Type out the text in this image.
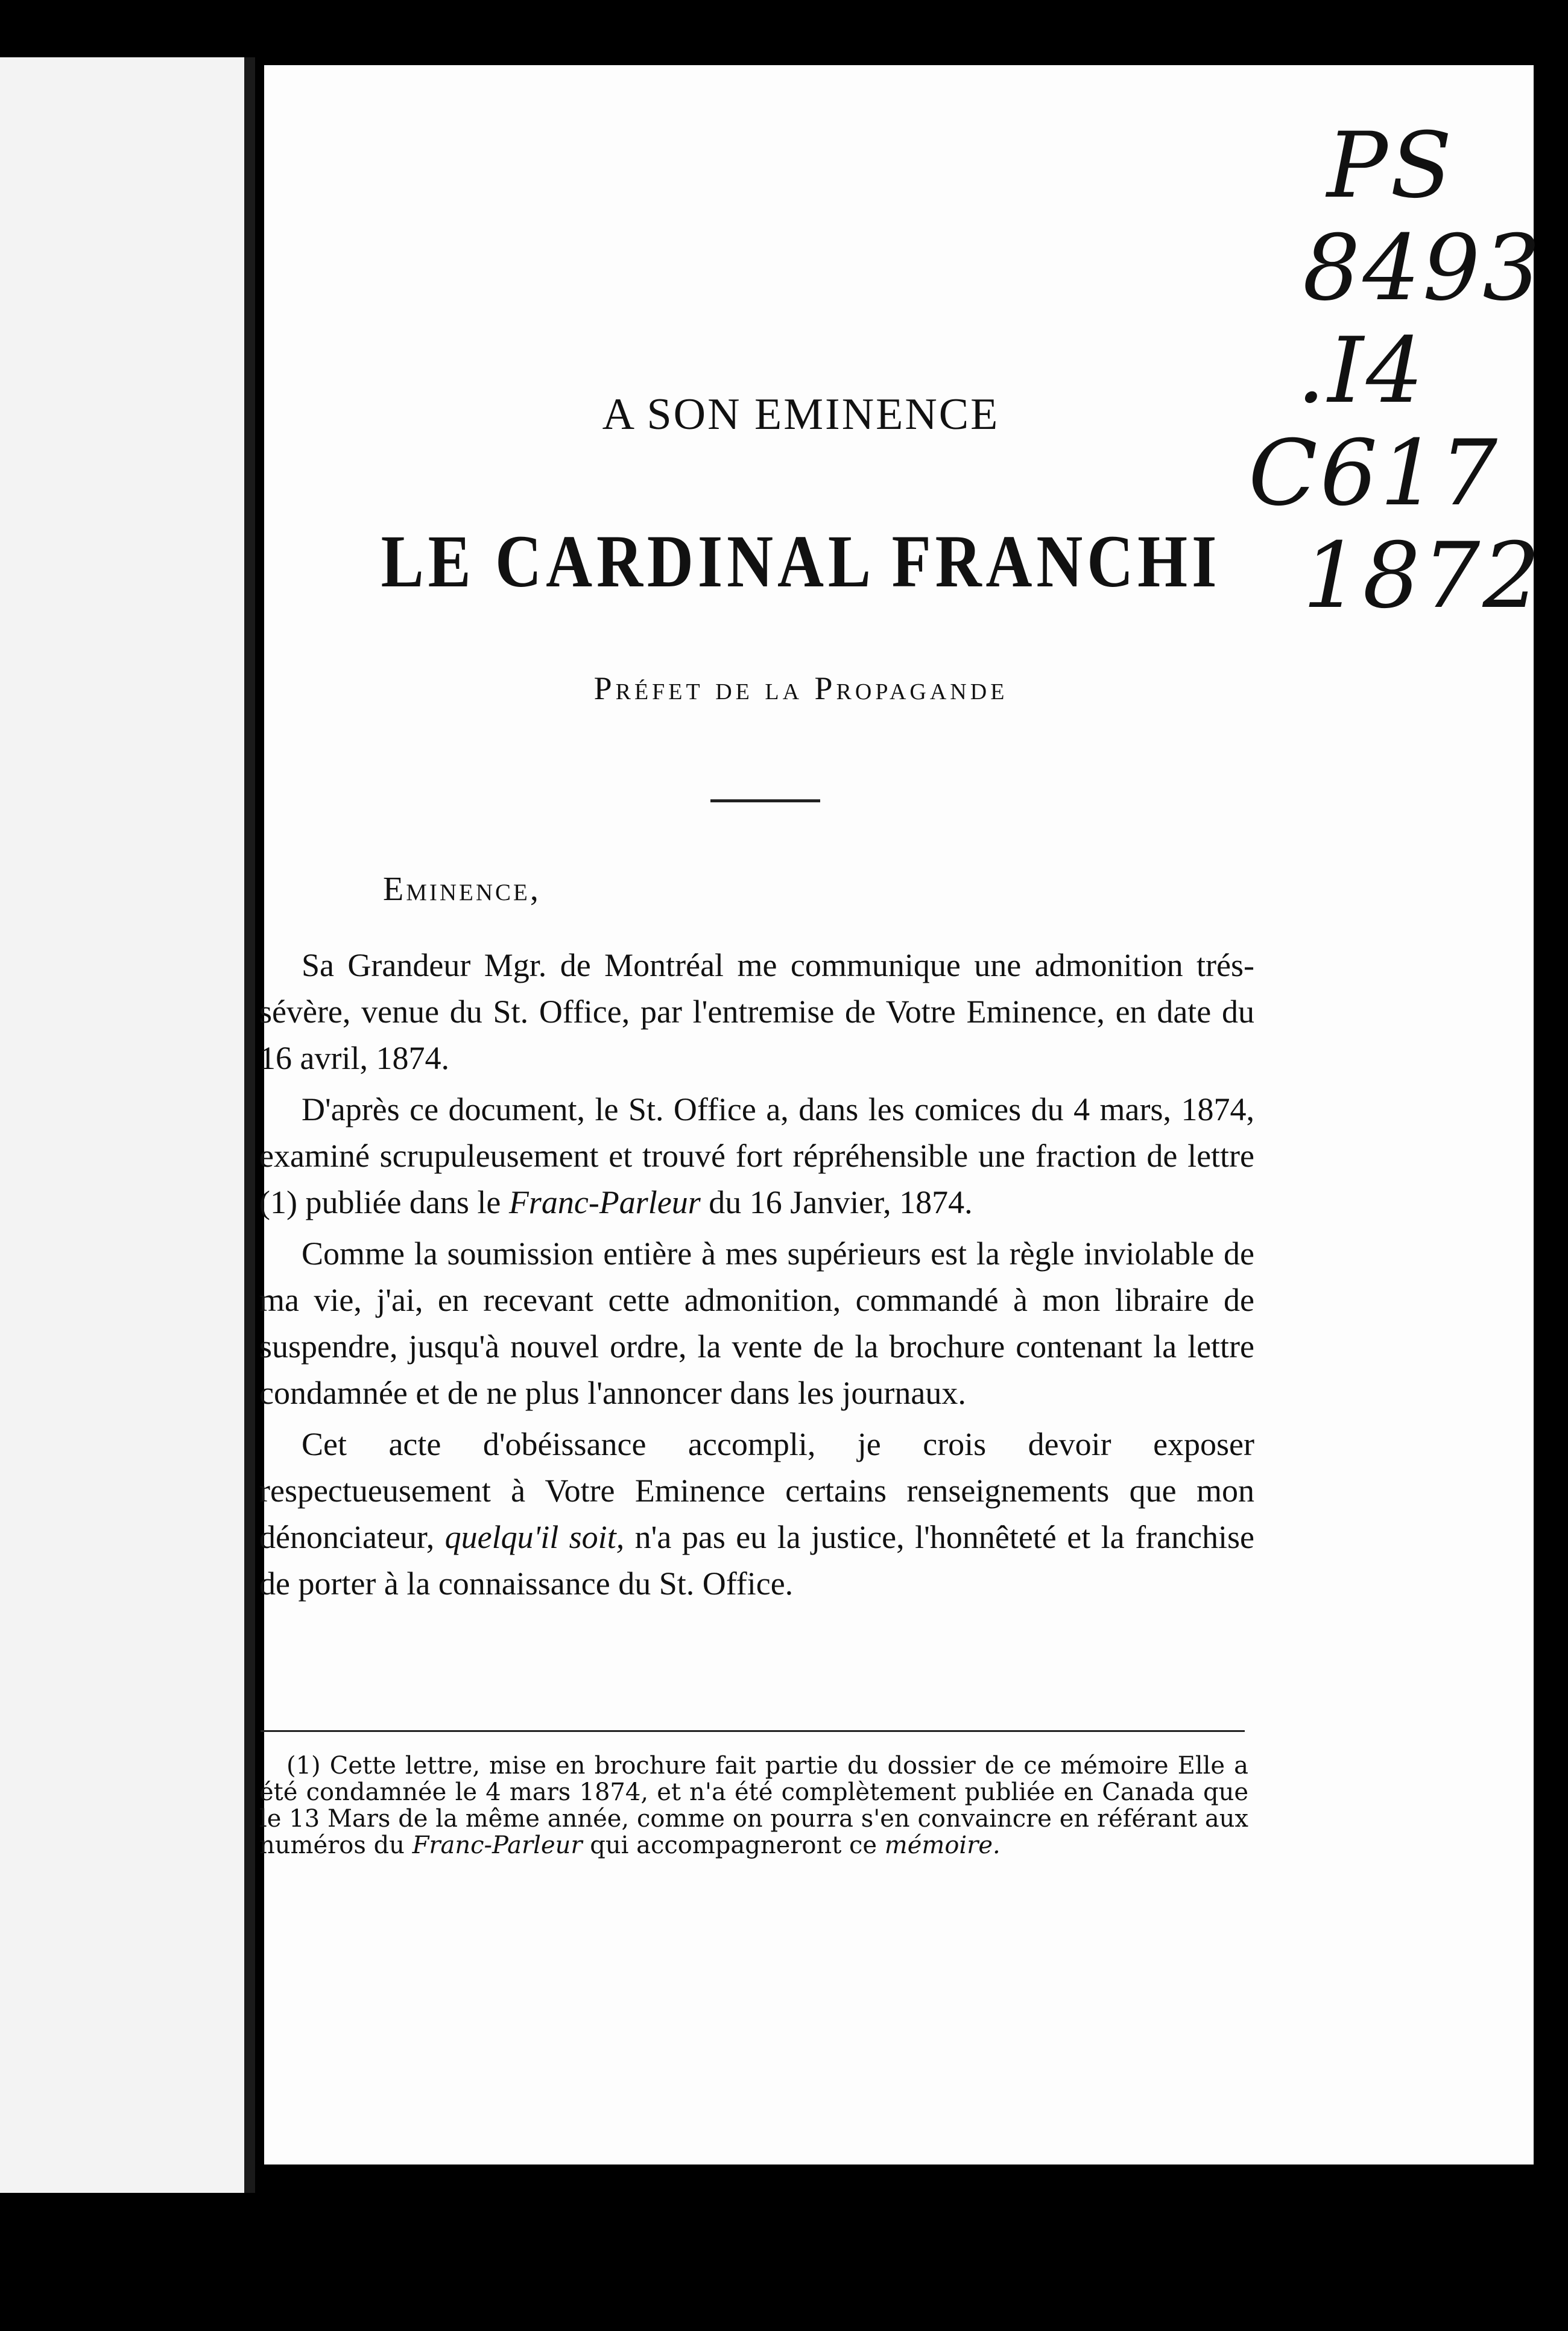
PS
8493
.I4
C617
1872
A SON EMINENCE
LE CARDINAL FRANCHI
Préfet de la Propagande
Eminence,

Sa Grandeur Mgr. de Montréal me communique une admonition trés-sévère, venue du St. Office, par l'entremise de Votre Eminence, en date du 16 avril, 1874.

D'après ce document, le St. Office a, dans les comices du 4 mars, 1874, examiné scrupuleusement et trouvé fort répréhensible une fraction de lettre (1) publiée dans le Franc-Parleur du 16 Janvier, 1874.

Comme la soumission entière à mes supérieurs est la règle inviolable de ma vie, j'ai, en recevant cette admonition, commandé à mon libraire de suspendre, jusqu'à nouvel ordre, la vente de la brochure contenant la lettre condamnée et de ne plus l'annoncer dans les journaux.

Cet acte d'obéissance accompli, je crois devoir exposer respectueusement à Votre Eminence certains renseignements que mon dénonciateur, quelqu'il soit, n'a pas eu la justice, l'honnêteté et la franchise de porter à la connaissance du St. Office.

(1) Cette lettre, mise en brochure fait partie du dossier de ce mémoire Elle a été condamnée le 4 mars 1874, et n'a été complètement publiée en Canada que le 13 Mars de la même année, comme on pourra s'en convaincre en référant aux numéros du Franc-Parleur qui accompagneront ce mémoire.
